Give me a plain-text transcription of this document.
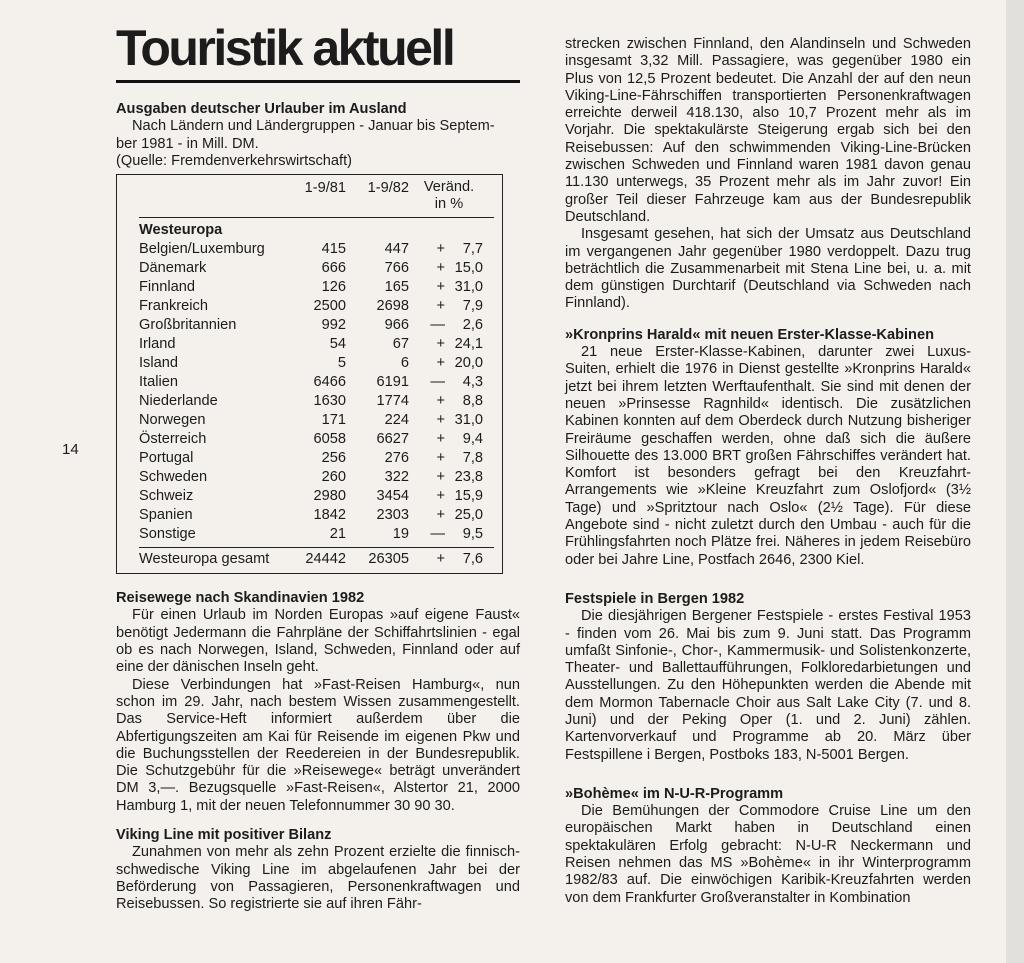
14
Touristik aktuell
Ausgaben deutscher Urlauber im Ausland
Nach Ländern und Ländergruppen - Januar bis Septem-
ber 1981 - in Mill. DM.
(Quelle: Fremdenverkehrswirtschaft)
1-9/81	1-9/82	Veränd.
in %
Westeuropa
Belgien/Luxemburg	415	447	+	7,7
Dänemark	666	766	+ 15,0
Finnland	126	165	+ 31,0
Frankreich	2500	2698	+	7,9
Großbritannien	992	966	—	2,6
Irland	54	67	+ 24,1
Island	5	6	+ 20,0
Italien	6466	6191	—	4,3
Niederlande	1630	1774	+	8,8
Norwegen	171	224	+ 31,0
Österreich	6058	6627	+	9,4
Portugal	256	276	+	7,8
Schweden	260	322	+ 23,8
Schweiz	2980	3454	+ 15,9
Spanien	1842	2303	+ 25,0
Sonstige	21	19	—	9,5
Westeuropa gesamt	24442	26305	+	7,6
Reisewege nach Skandinavien 1982

Für einen Urlaub im Norden Europas »auf eigene Faust« benötigt Jedermann die Fahrpläne der Schiffahrtslinien - egal ob es nach Norwegen, Island, Schweden, Finnland oder auf eine der dänischen Inseln geht.

Diese Verbindungen hat »Fast-Reisen Hamburg«, nun schon im 29. Jahr, nach bestem Wissen zusammengestellt. Das Service-Heft informiert außerdem über die Abfertigungszeiten am Kai für Reisende im eigenen Pkw und die Buchungsstellen der Reedereien in der Bundesrepublik. Die Schutzgebühr für die »Reisewege« beträgt unverändert DM 3,—. Bezugsquelle »Fast-Reisen«, Alstertor 21, 2000 Hamburg 1, mit der neuen Telefonnummer 30 90 30.

Viking Line mit positiver Bilanz

Zunahmen von mehr als zehn Prozent erzielte die finnisch-schwedische Viking Line im abgelaufenen Jahr bei der Beförderung von Passagieren, Personenkraftwagen und Reisebussen. So registrierte sie auf ihren Fähr-

strecken zwischen Finnland, den Alandinseln und Schweden insgesamt 3,32 Mill. Passagiere, was gegenüber 1980 ein Plus von 12,5 Prozent bedeutet. Die Anzahl der auf den neun Viking-Line-Fährschiffen transportierten Personenkraftwagen erreichte derweil 418.130, also 10,7 Prozent mehr als im Vorjahr. Die spektakulärste Steigerung ergab sich bei den Reisebussen: Auf den schwimmenden Viking-Line-Brücken zwischen Schweden und Finnland waren 1981 davon genau 11.130 unterwegs, 35 Prozent mehr als im Jahr zuvor! Ein großer Teil dieser Fahrzeuge kam aus der Bundesrepublik Deutschland.

Insgesamt gesehen, hat sich der Umsatz aus Deutschland im vergangenen Jahr gegenüber 1980 verdoppelt. Dazu trug beträchtlich die Zusammenarbeit mit Stena Line bei, u. a. mit dem günstigen Durchtarif (Deutschland via Schweden nach Finnland).

»Kronprins Harald« mit neuen Erster-Klasse-Kabinen

21 neue Erster-Klasse-Kabinen, darunter zwei Luxus-Suiten, erhielt die 1976 in Dienst gestellte »Kronprins Harald« jetzt bei ihrem letzten Werftaufenthalt. Sie sind mit denen der neuen »Prinsesse Ragnhild« identisch. Die zusätzlichen Kabinen konnten auf dem Oberdeck durch Nutzung bisheriger Freiräume geschaffen werden, ohne daß sich die äußere Silhouette des 13.000 BRT großen Fährschiffes verändert hat. Komfort ist besonders gefragt bei den Kreuzfahrt-Arrangements wie »Kleine Kreuzfahrt zum Oslofjord« (3½ Tage) und »Spritztour nach Oslo« (2½ Tage). Für diese Angebote sind - nicht zuletzt durch den Umbau - auch für die Frühlingsfahrten noch Plätze frei. Näheres in jedem Reisebüro oder bei Jahre Line, Postfach 2646, 2300 Kiel.

Festspiele in Bergen 1982

Die diesjährigen Bergener Festspiele - erstes Festival 1953 - finden vom 26. Mai bis zum 9. Juni statt. Das Programm umfaßt Sinfonie-, Chor-, Kammermusik- und Solistenkonzerte, Theater- und Ballettaufführungen, Folkloredarbietungen und Ausstellungen. Zu den Höhepunkten werden die Abende mit dem Mormon Tabernacle Choir aus Salt Lake City (7. und 8. Juni) und der Peking Oper (1. und 2. Juni) zählen. Kartenvorverkauf und Programme ab 20. März über Festspillene i Bergen, Postboks 183, N-5001 Bergen.

»Bohème« im N-U-R-Programm

Die Bemühungen der Commodore Cruise Line um den europäischen Markt haben in Deutschland einen spektakulären Erfolg gebracht: N-U-R Neckermann und Reisen nehmen das MS »Bohème« in ihr Winterprogramm 1982/83 auf. Die einwöchigen Karibik-Kreuzfahrten werden von dem Frankfurter Großveranstalter in Kombination
